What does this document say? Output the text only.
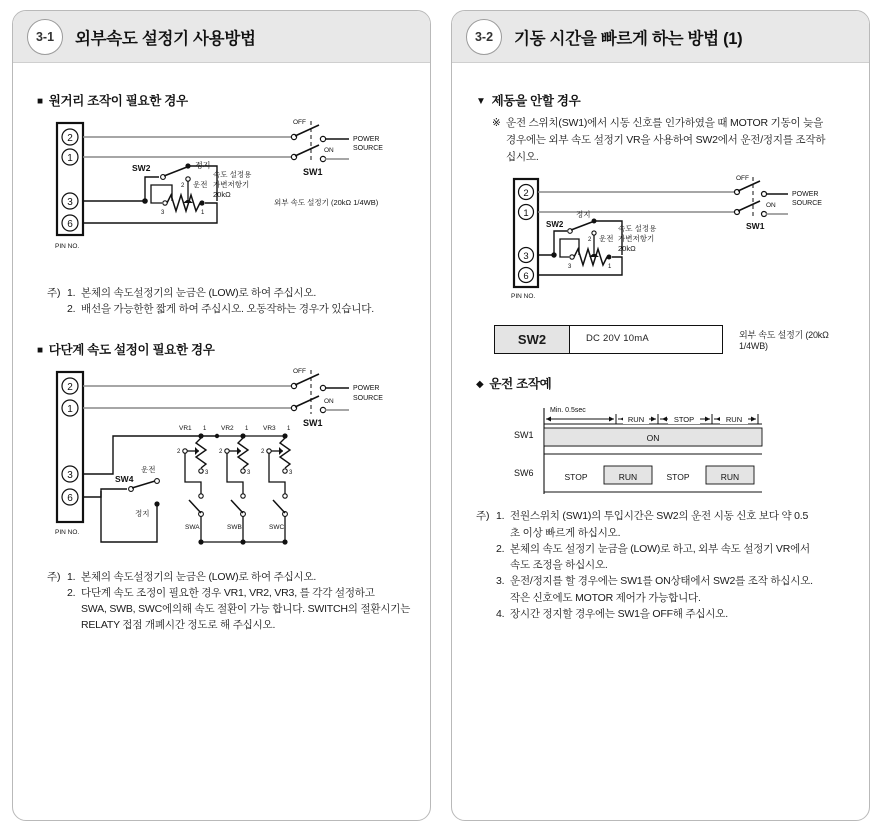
3-1	외부속도 설정기 사용방법
■ 원거리 조작이 필요한 경우
2
1
3
6
PIN NO.
OFF
ON
POWER
SOURCE
SW1
SW2	정지
운전
2
3	1
속도 설정용
가변저항기
20kΩ
외부 속도 설정기 (20kΩ 1/4WB)
주) 1. 본체의 속도설정기의 눈금은 (LOW)로 하여 주십시오.
2. 배선을 가능한한 짧게 하여 주십시오. 오동작하는 경우가 있습니다.
■ 다단계 속도 설정이 필요한 경우
2
1
3
6
PIN NO.
OFF
ON
POWER
SOURCE
SW1
SW4
운전
정지
VR1 1
2
3
SWA
VR2 1
2
3
SWB
VR3 1
2
3
SWC
주) 1. 본체의 속도설정기의 눈금은 (LOW)로 하여 주십시오.
2. 다단계 속도 조정이 필요한 경우 VR1, VR2, VR3, 를 각각 설정하고
SWA, SWB, SWC에의해 속도 절환이 가능 합니다. SWITCH의 절환시기는
RELATY 접점 개폐시간 정도로 해 주십시오.
3-2	기동 시간을 빠르게 하는 방법 (1)
▼ 제동을 안할 경우
※ 운전 스위치(SW1)에서 시동 신호를 인가하였을 때 MOTOR 기동이 늦을
경우에는 외부 속도 설정기 VR을 사용하여 SW2에서 운전/정지를 조작하
십시오.
2
1
3
6
PIN NO.
OFF
ON
POWER
SOURCE
SW1
SW2
정지
운전
2
3	1
속도 설정용
가변저항기
20kΩ
SW2	DC 20V 10mA	외부 속도 설정기 (20kΩ 1/4WB)
◆ 운전 조작예
SW1
SW6
Min. 0.5sec
RUN	STOP	RUN
ON
STOP	RUN	STOP	RUN
주) 1. 전원스위치 (SW1)의 투입시간은 SW2의 운전 시동 신호 보다 약 0.5
초 이상 빠르게 하십시오.
2. 본체의 속도 설정기 눈금을 (LOW)로 하고, 외부 속도 설정기 VR에서
속도 조정을 하십시오.
3. 운전/정지를 할 경우에는 SW1를 ON상태에서 SW2를 조작 하십시오.
작은 신호에도 MOTOR 제어가 가능합니다.
4. 장시간 정지할 경우에는 SW1을 OFF해 주십시오.
